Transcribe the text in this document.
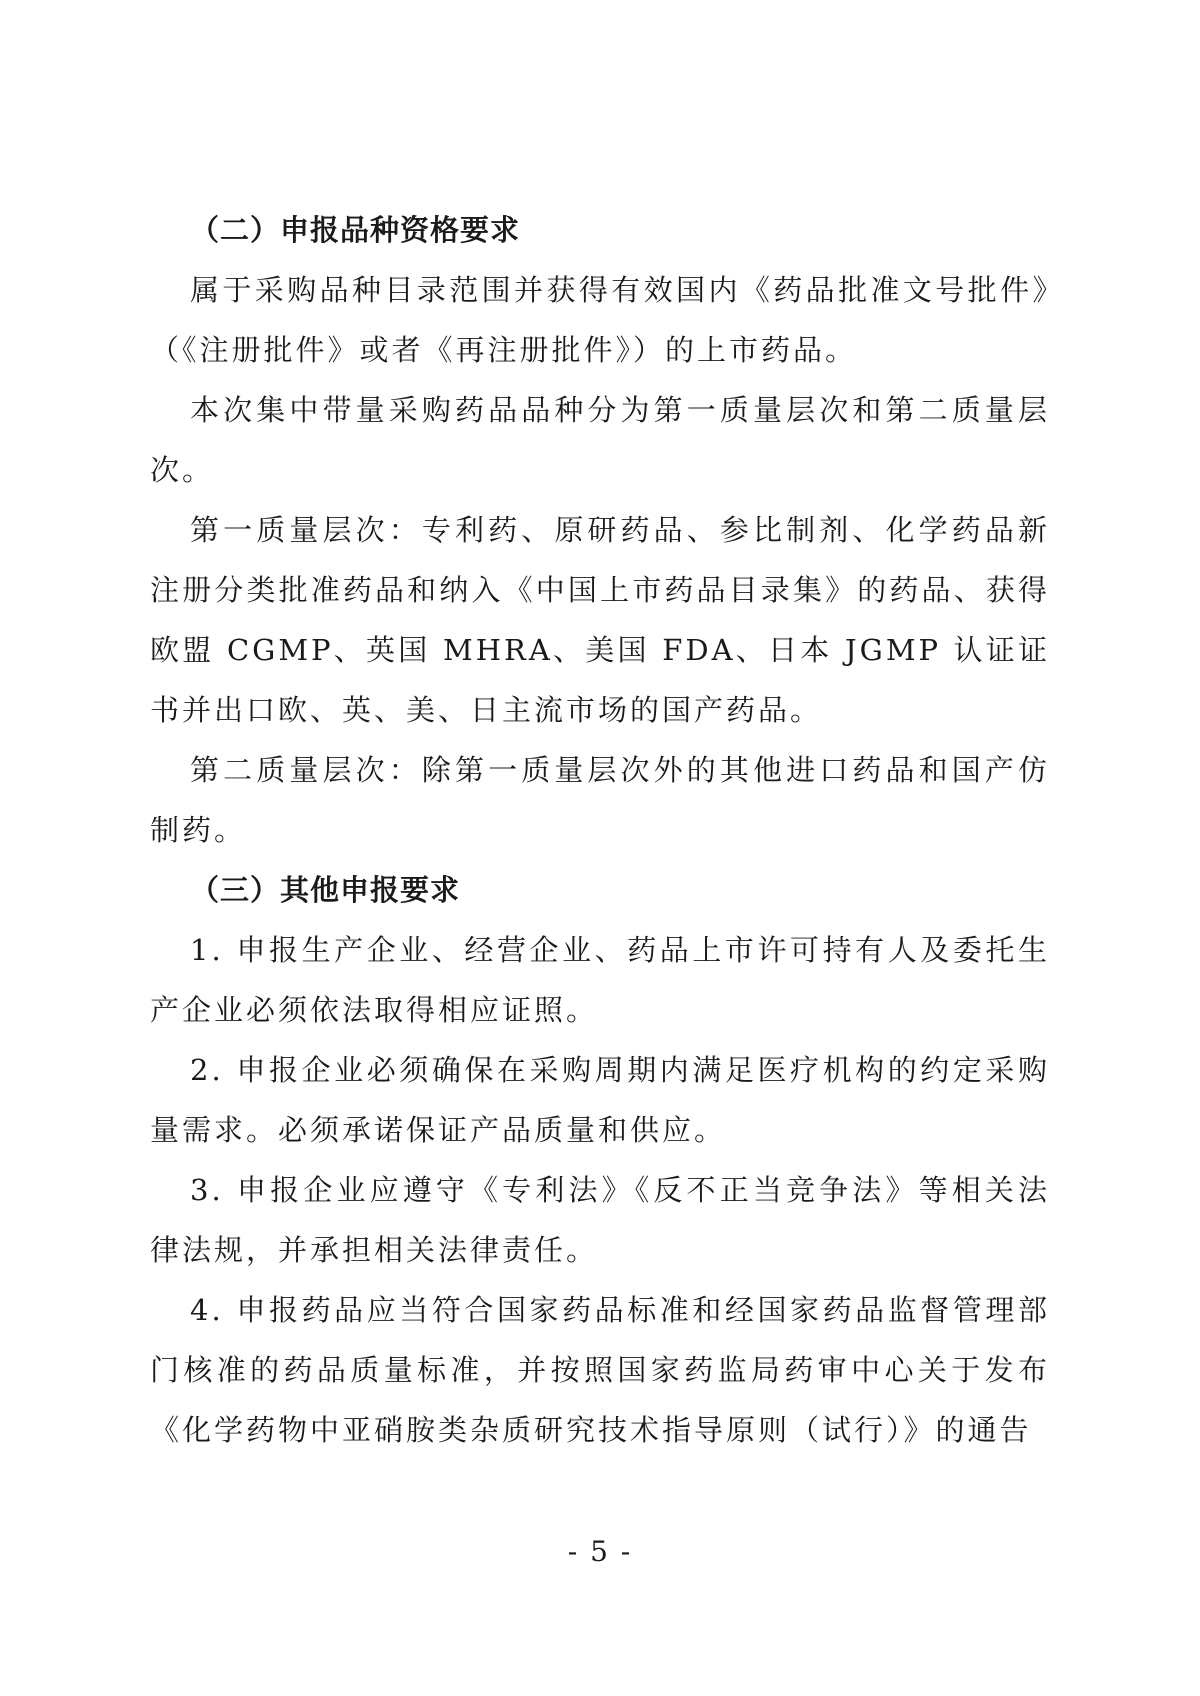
（二）申报品种资格要求

属于采购品种目录范围并获得有效国内《药品批准文号批件》（《注册批件》或者《再注册批件》）的上市药品。

本次集中带量采购药品品种分为第一质量层次和第二质量层次。

第一质量层次：专利药、原研药品、参比制剂、化学药品新注册分类批准药品和纳入《中国上市药品目录集》的药品、获得欧盟 CGMP、英国 MHRA、美国 FDA、日本 JGMP 认证证书并出口欧、英、美、日主流市场的国产药品。

第二质量层次：除第一质量层次外的其他进口药品和国产仿制药。

（三）其他申报要求

1. 申报生产企业、经营企业、药品上市许可持有人及委托生产企业必须依法取得相应证照。

2. 申报企业必须确保在采购周期内满足医疗机构的约定采购量需求。必须承诺保证产品质量和供应。

3. 申报企业应遵守《专利法》《反不正当竞争法》等相关法律法规，并承担相关法律责任。

4. 申报药品应当符合国家药品标准和经国家药品监督管理部门核准的药品质量标准，并按照国家药监局药审中心关于发布《化学药物中亚硝胺类杂质研究技术指导原则（试行）》的通告

- 5 -
